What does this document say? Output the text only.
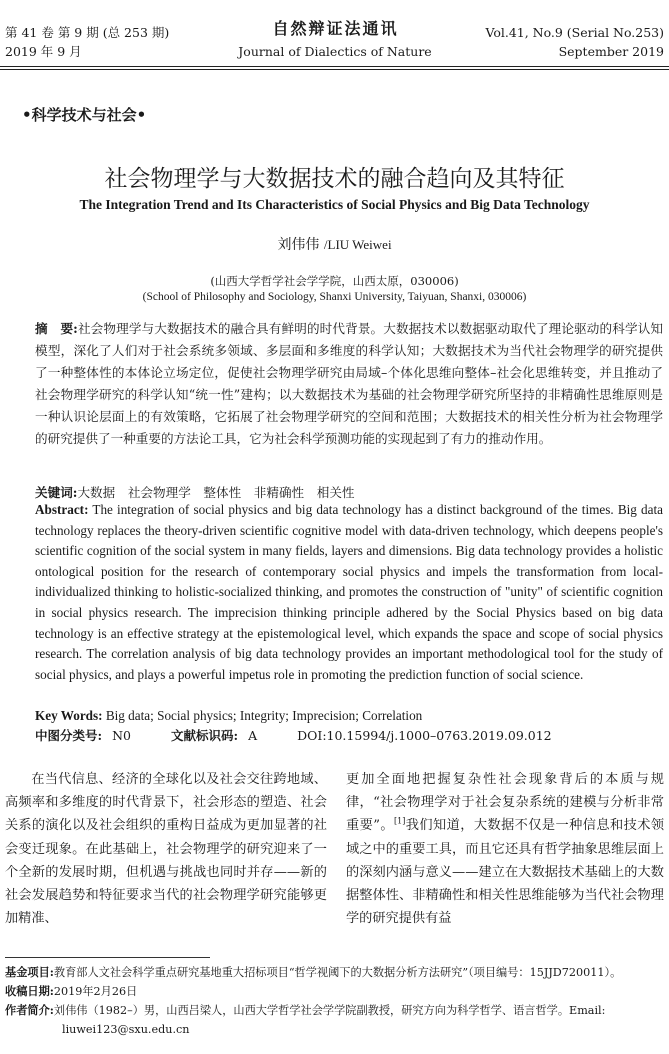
第 41 卷 第 9 期 (总 253 期)
2019 年 9 月
自然辩证法通讯
Journal of Dialectics of Nature
Vol.41, No.9 (Serial No.253)
September 2019
•科学技术与社会•
社会物理学与大数据技术的融合趋向及其特征
The Integration Trend and Its Characteristics of Social Physics and Big Data Technology
刘伟伟 /LIU Weiwei
(山西大学哲学社会学学院，山西太原，030006)
(School of Philosophy and Sociology, Shanxi University, Taiyuan, Shanxi, 030006)
摘　要:社会物理学与大数据技术的融合具有鲜明的时代背景。大数据技术以数据驱动取代了理论驱动的科学认知模型，深化了人们对于社会系统多领域、多层面和多维度的科学认知；大数据技术为当代社会物理学的研究提供了一种整体性的本体论立场定位，促使社会物理学研究由局域–个体化思维向整体–社会化思维转变，并且推动了社会物理学研究的科学认知“统一性”建构；以大数据技术为基础的社会物理学研究所坚持的非精确性思维原则是一种认识论层面上的有效策略，它拓展了社会物理学研究的空间和范围；大数据技术的相关性分析为社会物理学的研究提供了一种重要的方法论工具，它为社会科学预测功能的实现起到了有力的推动作用。
关键词:大数据　社会物理学　整体性　非精确性　相关性
Abstract: The integration of social physics and big data technology has a distinct background of the times. Big data technology replaces the theory-driven scientific cognitive model with data-driven technology, which deepens people's scientific cognition of the social system in many fields, layers and dimensions. Big data technology provides a holistic ontological position for the research of contemporary social physics and impels the transformation from local-individualized thinking to holistic-socialized thinking, and promotes the construction of "unity" of scientific cognition in social physics research. The imprecision thinking principle adhered by the Social Physics based on big data technology is an effective strategy at the epistemological level, which expands the space and scope of social physics research. The correlation analysis of big data technology provides an important methodological tool for the study of social physics, and plays a powerful impetus role in promoting the prediction function of social science.
Key Words: Big data; Social physics; Integrity; Imprecision; Correlation
中图分类号: N0	文献标识码: A	DOI:10.15994/j.1000–0763.2019.09.012
在当代信息、经济的全球化以及社会交往跨地域、高频率和多维度的时代背景下，社会形态的塑造、社会关系的演化以及社会组织的重构日益成为更加显著的社会变迁现象。在此基础上，社会物理学的研究迎来了一个全新的发展时期，但机遇与挑战也同时并存——新的社会发展趋势和特征要求当代的社会物理学研究能够更加精准、
更加全面地把握复杂性社会现象背后的本质与规律，“社会物理学对于社会复杂系统的建模与分析非常重要”。[1]我们知道，大数据不仅是一种信息和技术领域之中的重要工具，而且它还具有哲学抽象思维层面上的深刻内涵与意义——建立在大数据技术基础上的大数据整体性、非精确性和相关性思维能够为当代社会物理学的研究提供有益
基金项目:教育部人文社会科学重点研究基地重大招标项目“哲学视阈下的大数据分析方法研究”（项目编号：15JJD720011）。
收稿日期:2019年2月26日
作者简介:刘伟伟（1982–）男，山西吕梁人，山西大学哲学社会学学院副教授，研究方向为科学哲学、语言哲学。Email:
liuwei123@sxu.edu.cn
